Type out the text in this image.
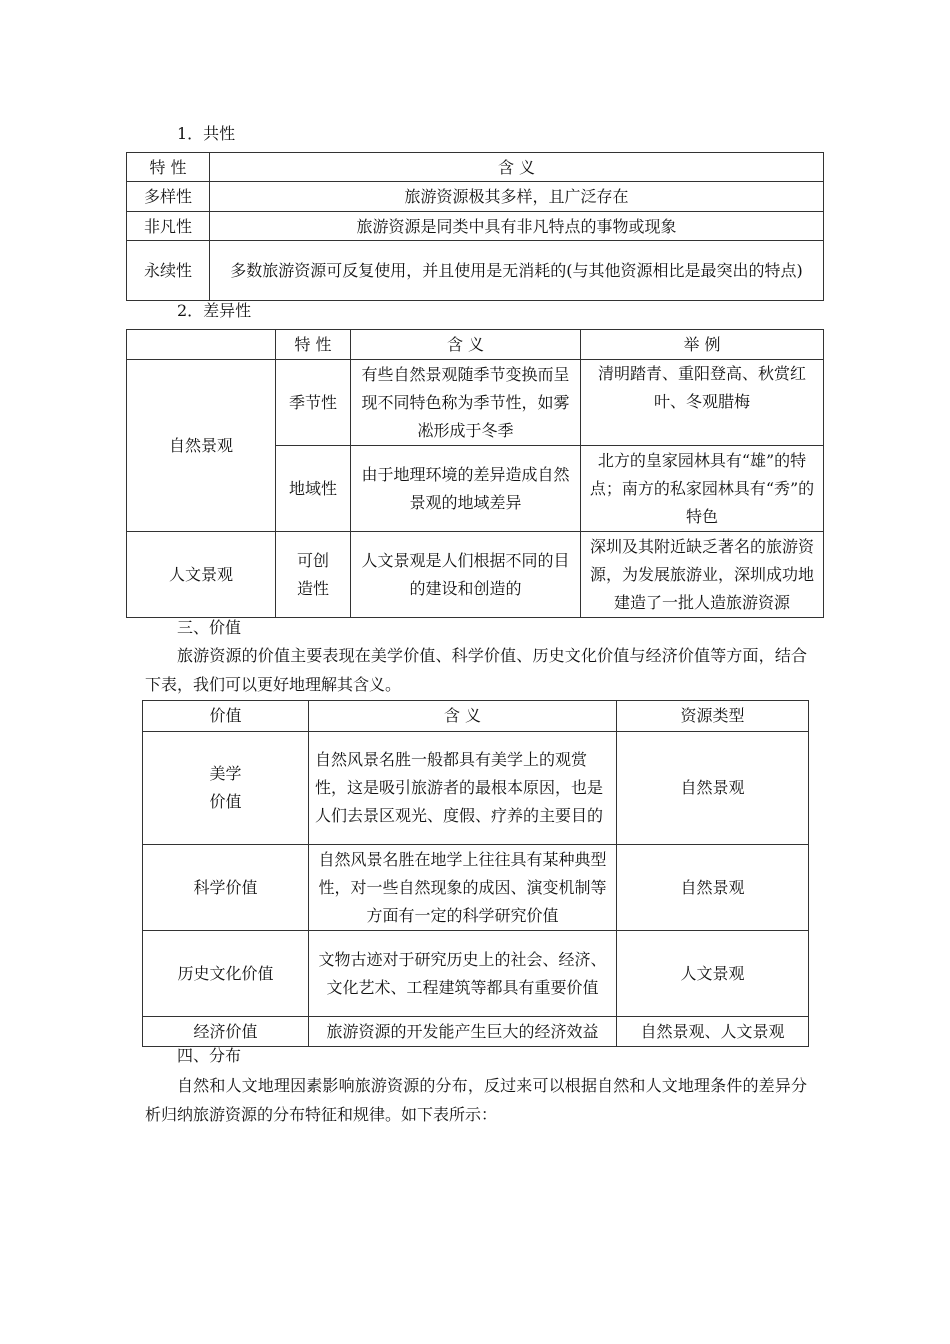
1．共性
特 性	含 义
多样性	旅游资源极其多样，且广泛存在
非凡性	旅游资源是同类中具有非凡特点的事物或现象
永续性	多数旅游资源可反复使用，并且使用是无消耗的(与其他资源相比是最突出的特点)
2．差异性
	特 性	含 义	举 例
自然景观	季节性	有些自然景观随季节变换而呈现不同特色称为季节性，如雾凇形成于冬季	清明踏青、重阳登高、秋赏红叶、冬观腊梅
	地域性	由于地理环境的差异造成自然景观的地域差异	北方的皇家园林具有“雄”的特点；南方的私家园林具有“秀”的特色
人文景观	可创造性	人文景观是人们根据不同的目的建设和创造的	深圳及其附近缺乏著名的旅游资源，为发展旅游业，深圳成功地建造了一批人造旅游资源
三、价值
旅游资源的价值主要表现在美学价值、科学价值、历史文化价值与经济价值等方面，结合下表，我们可以更好地理解其含义。
价值	含 义	资源类型
美学价值	自然风景名胜一般都具有美学上的观赏性，这是吸引旅游者的最根本原因，也是人们去景区观光、度假、疗养的主要目的	自然景观
科学价值	自然风景名胜在地学上往往具有某种典型性，对一些自然现象的成因、演变机制等方面有一定的科学研究价值	自然景观
历史文化价值	文物古迹对于研究历史上的社会、经济、文化艺术、工程建筑等都具有重要价值	人文景观
经济价值	旅游资源的开发能产生巨大的经济效益	自然景观、人文景观
四、分布
自然和人文地理因素影响旅游资源的分布，反过来可以根据自然和人文地理条件的差异分析归纳旅游资源的分布特征和规律。如下表所示：
